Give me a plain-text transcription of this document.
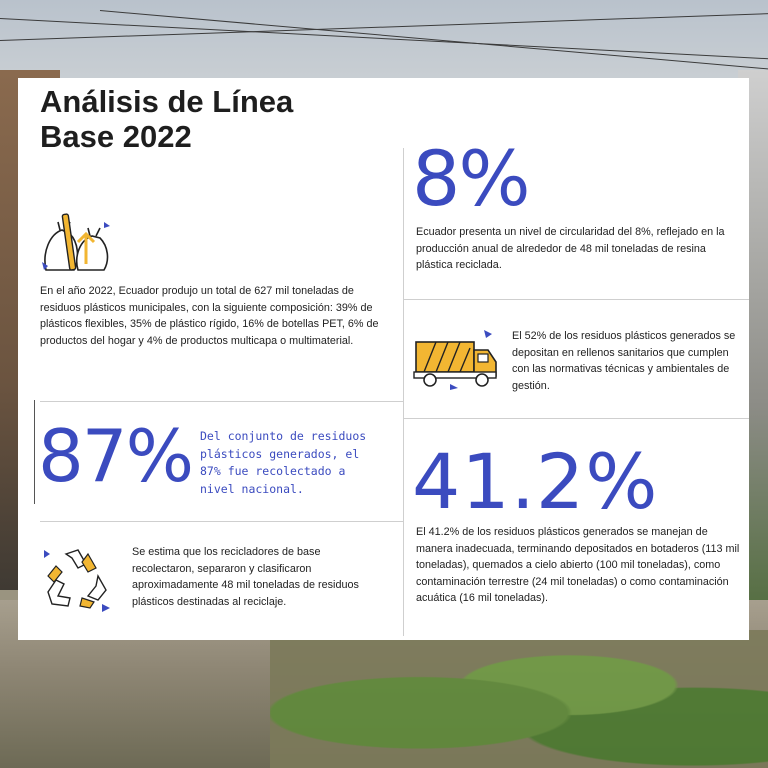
Análisis de Línea
Base 2022

En el año 2022, Ecuador produjo un total de 627 mil toneladas de residuos plásticos municipales, con la siguiente composición: 39% de plásticos flexibles, 35% de plástico rígido, 16% de botellas PET, 6% de productos del hogar y 4% de productos multicapa o multimaterial.

87% Del conjunto de residuos plásticos generados, el 87% fue recolectado a nivel nacional.

Se estima que los recicladores de base recolectaron, separaron y clasificaron aproximadamente 48 mil toneladas de residuos plásticos destinadas al reciclaje.

8%

Ecuador presenta un nivel de circularidad del 8%, reflejado en la producción anual de alrededor de 48 mil toneladas de resina plástica reciclada.

El 52% de los residuos plásticos generados se depositan en rellenos sanitarios que cumplen con las normativas técnicas y ambientales de gestión.

41.2%

El 41.2% de los residuos plásticos generados se manejan de manera inadecuada, terminando depositados en botaderos (113 mil toneladas), quemados a cielo abierto (100 mil toneladas), como contaminación terrestre (24 mil toneladas) o como contaminación acuática (16 mil toneladas).
